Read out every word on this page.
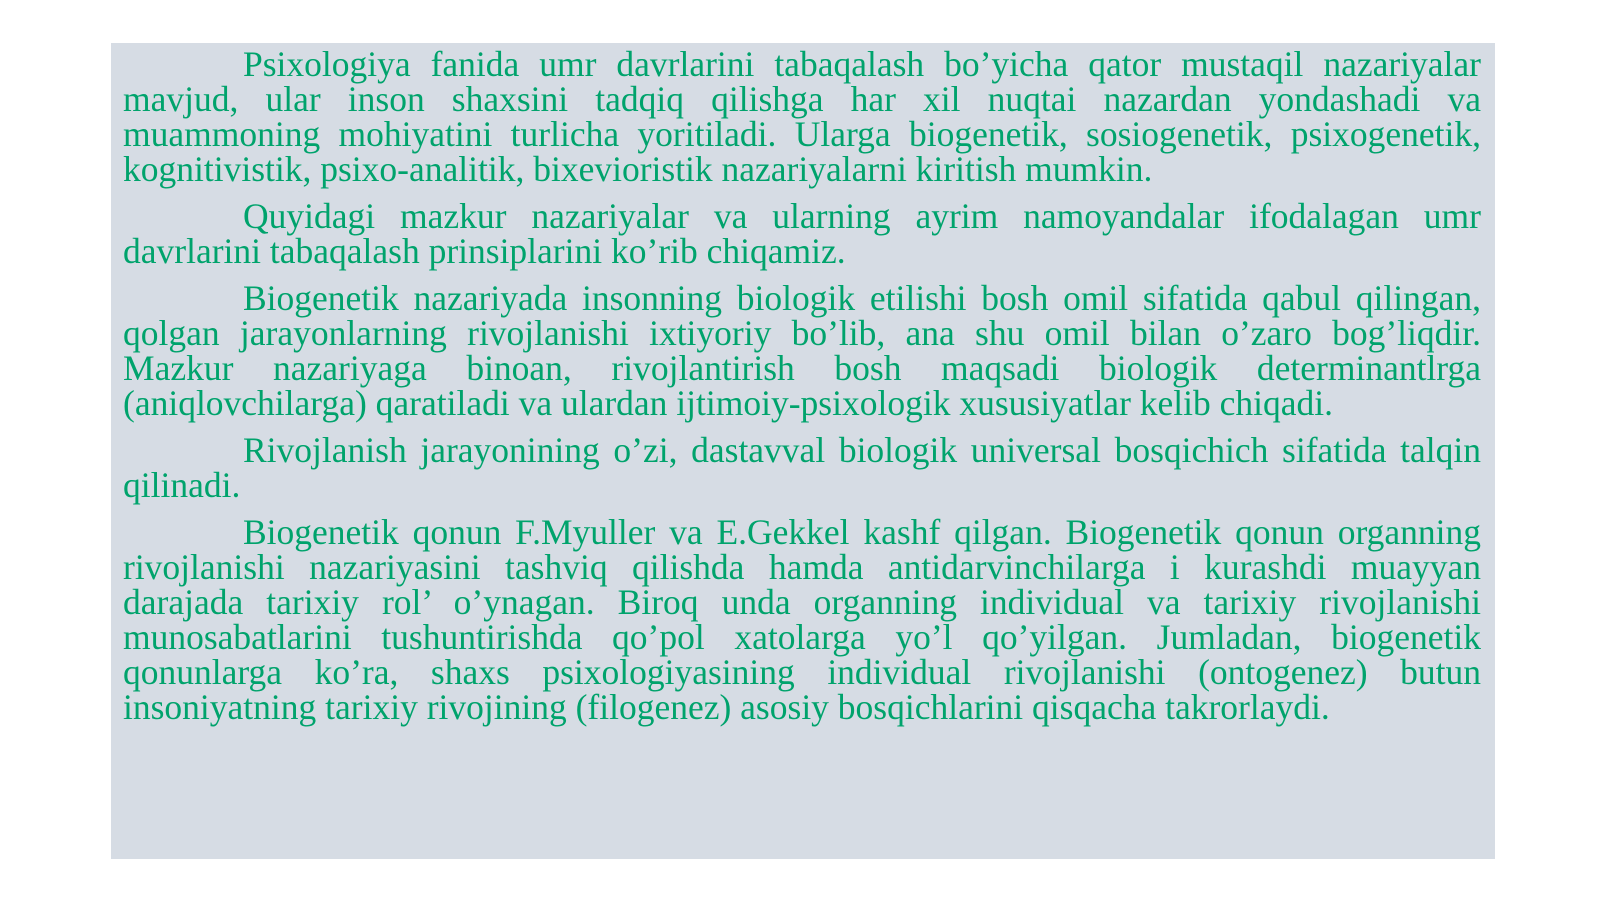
Psixologiya fanida umr davrlarini tabaqalash bo’yicha qator mustaqil nazariyalar mavjud, ular inson shaxsini tadqiq qilishga har xil nuqtai nazardan yondashadi va muammoning mohiyatini turlicha yoritiladi. Ularga biogenetik, sosiogenetik, psixogenetik, kognitivistik, psixo-analitik, bixevioristik nazariyalarni kiritish mumkin.

Quyidagi mazkur nazariyalar va ularning ayrim namoyandalar ifodalagan umr davrlarini tabaqalash prinsiplarini ko’rib chiqamiz.

Biogenetik nazariyada insonning biologik etilishi bosh omil sifatida qabul qilingan, qolgan jarayonlarning rivojlanishi ixtiyoriy bo’lib, ana shu omil bilan o’zaro bog’liqdir. Mazkur nazariyaga binoan, rivojlantirish bosh maqsadi biologik determinantlrga (aniqlovchilarga) qaratiladi va ulardan ijtimoiy-psixologik xususiyatlar kelib chiqadi.

Rivojlanish jarayonining o’zi, dastavval biologik universal bosqichich sifatida talqin qilinadi.

Biogenetik qonun F.Myuller va E.Gekkel kashf qilgan. Biogenetik qonun organning rivojlanishi nazariyasini tashviq qilishda hamda antidarvinchilarga i kurashdi muayyan darajada tarixiy rol’ o’ynagan. Biroq unda organning individual va tarixiy rivojlanishi munosabatlarini tushuntirishda qo’pol xatolarga yo’l qo’yilgan. Jumladan, biogenetik qonunlarga ko’ra, shaxs psixologiyasining individual rivojlanishi (ontogenez) butun insoniyatning tarixiy rivojining (filogenez) asosiy bosqichlarini qisqacha takrorlaydi.
